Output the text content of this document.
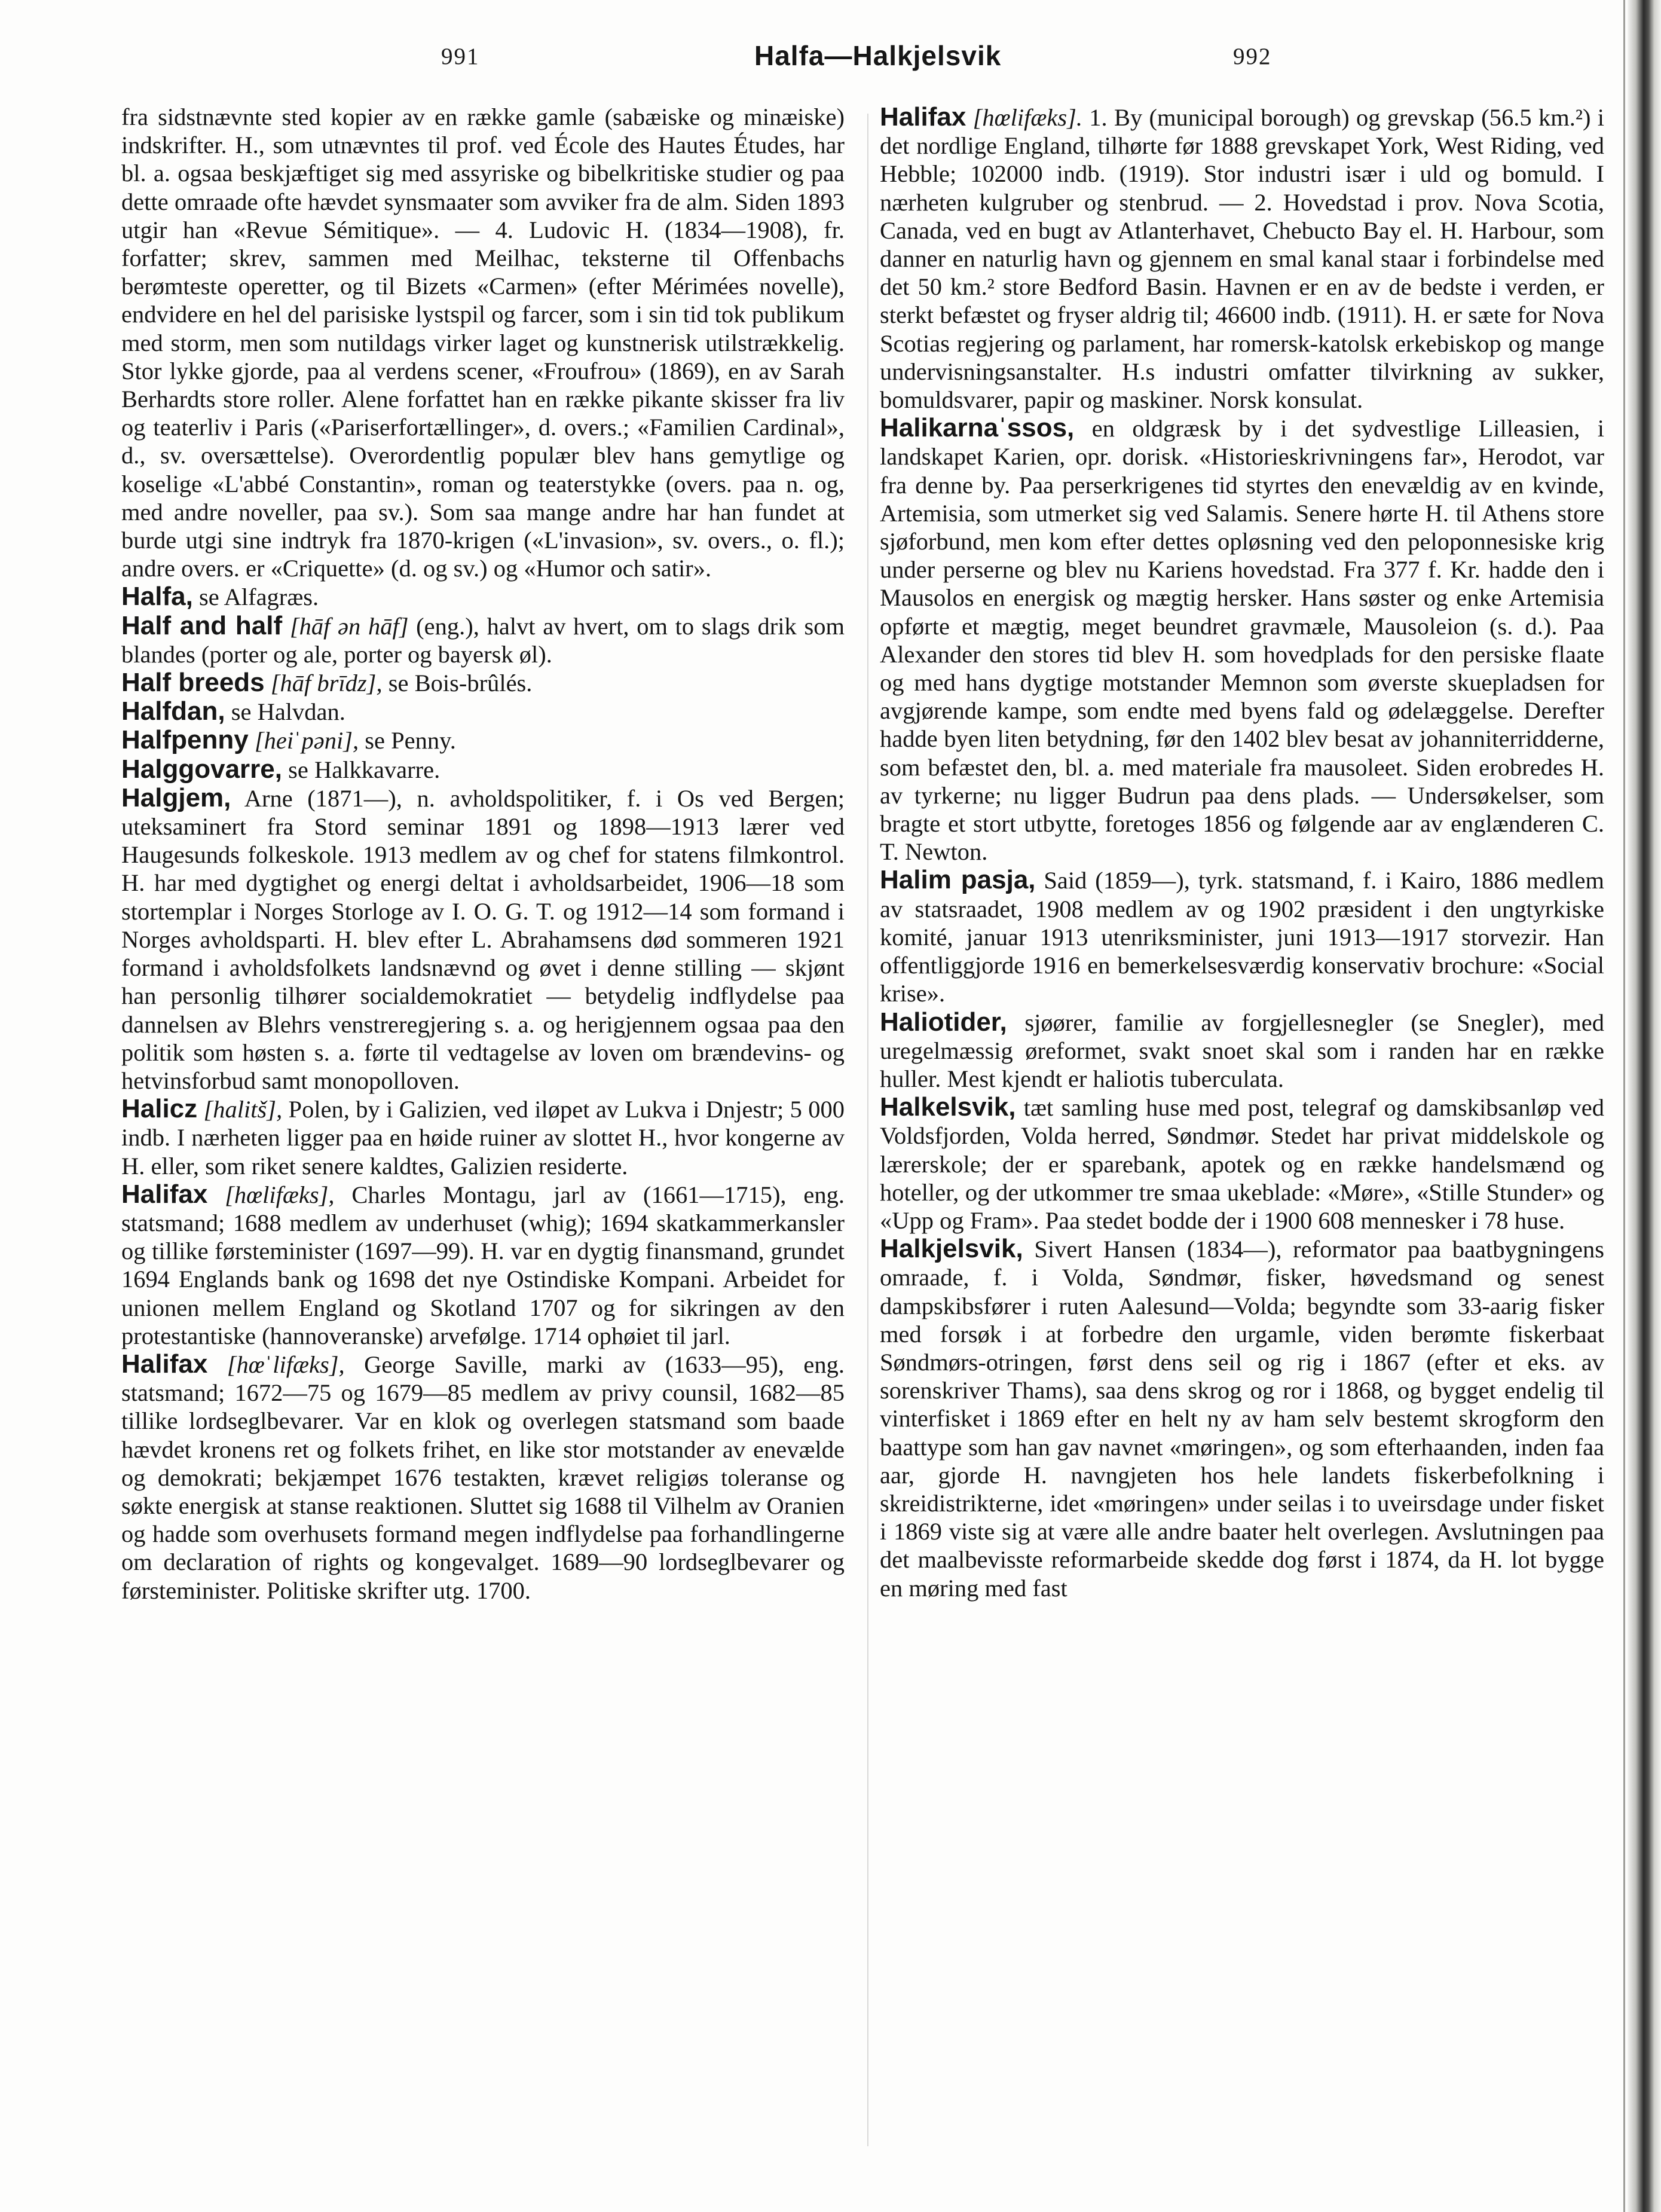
991	Halfa—Halkjelsvik	992

fra sidstnævnte sted kopier av en række gamle (sabæiske og minæiske) indskrifter. H., som utnævntes til prof. ved École des Hautes Études, har bl. a. ogsaa beskjæftiget sig med assyriske og bibelkritiske studier og paa dette omraade ofte hævdet synsmaater som avviker fra de alm. Siden 1893 utgir han «Revue Sémitique». — 4. Ludovic H. (1834—1908), fr. forfatter; skrev, sammen med Meilhac, teksterne til Offenbachs berømteste operetter, og til Bizets «Carmen» (efter Mérimées novelle), endvidere en hel del parisiske lystspil og farcer, som i sin tid tok publikum med storm, men som nutildags virker laget og kunstnerisk utilstrækkelig. Stor lykke gjorde, paa al verdens scener, «Froufrou» (1869), en av Sarah Berhardts store roller. Alene forfattet han en række pikante skisser fra liv og teaterliv i Paris («Pariserfortællinger», d. overs.; «Familien Cardinal», d., sv. oversættelse). Overordentlig populær blev hans gemytlige og koselige «L'abbé Constantin», roman og teaterstykke (overs. paa n. og, med andre noveller, paa sv.). Som saa mange andre har han fundet at burde utgi sine indtryk fra 1870-krigen («L'invasion», sv. overs., o. fl.); andre overs. er «Criquette» (d. og sv.) og «Humor och satir».

Halfa, se Alfagræs.

Half and half [hāf ən hāf] (eng.), halvt av hvert, om to slags drik som blandes (porter og ale, porter og bayersk øl).

Half breeds [hāf brīdz], se Bois-brûlés.

Halfdan, se Halvdan.

Halfpenny [heiˈpəni], se Penny.

Halggovarre, se Halkkavarre.

Halgjem, Arne (1871—), n. avholdspolitiker, f. i Os ved Bergen; uteksaminert fra Stord seminar 1891 og 1898—1913 lærer ved Haugesunds folkeskole. 1913 medlem av og chef for statens filmkontrol. H. har med dygtighet og energi deltat i avholdsarbeidet, 1906—18 som stortemplar i Norges Storloge av I. O. G. T. og 1912—14 som formand i Norges avholdsparti. H. blev efter L. Abrahamsens død sommeren 1921 formand i avholdsfolkets landsnævnd og øvet i denne stilling — skjønt han personlig tilhører socialdemokratiet — betydelig indflydelse paa dannelsen av Blehrs venstreregjering s. a. og herigjennem ogsaa paa den politik som høsten s. a. førte til vedtagelse av loven om brændevins- og hetvinsforbud samt monopolloven.

Halicz [halitš], Polen, by i Galizien, ved iløpet av Lukva i Dnjestr; 5 000 indb. I nærheten ligger paa en høide ruiner av slottet H., hvor kongerne av H. eller, som riket senere kaldtes, Galizien residerte.

Halifax [hœlifæks], Charles Montagu, jarl av (1661—1715), eng. statsmand; 1688 medlem av underhuset (whig); 1694 skatkammerkansler og tillike førsteminister (1697—99). H. var en dygtig finansmand, grundet 1694 Englands bank og 1698 det nye Ostindiske Kompani. Arbeidet for unionen mellem England og Skotland 1707 og for sikringen av den protestantiske (hannoveranske) arvefølge. 1714 ophøiet til jarl.

Halifax [hœˈlifæks], George Saville, marki av (1633—95), eng. statsmand; 1672—75 og 1679—85 medlem av privy counsil, 1682—85 tillike lordseglbevarer. Var en klok og overlegen statsmand som baade hævdet kronens ret og folkets frihet, en like stor motstander av enevælde og demokrati; bekjæmpet 1676 testakten, krævet religiøs toleranse og søkte energisk at stanse reaktionen. Sluttet sig 1688 til Vilhelm av Oranien og hadde som overhusets formand megen indflydelse paa forhandlingerne om declaration of rights og kongevalget. 1689—90 lordseglbevarer og førsteminister. Politiske skrifter utg. 1700.

Halifax [hœlifæks]. 1. By (municipal borough) og grevskap (56.5 km.²) i det nordlige England, tilhørte før 1888 grevskapet York, West Riding, ved Hebble; 102000 indb. (1919). Stor industri især i uld og bomuld. I nærheten kulgruber og stenbrud. — 2. Hovedstad i prov. Nova Scotia, Canada, ved en bugt av Atlanterhavet, Chebucto Bay el. H. Harbour, som danner en naturlig havn og gjennem en smal kanal staar i forbindelse med det 50 km.² store Bedford Basin. Havnen er en av de bedste i verden, er sterkt befæstet og fryser aldrig til; 46600 indb. (1911). H. er sæte for Nova Scotias regjering og parlament, har romersk-katolsk erkebiskop og mange undervisningsanstalter. H.s industri omfatter tilvirkning av sukker, bomuldsvarer, papir og maskiner. Norsk konsulat.

Halikarnaˈssos, en oldgræsk by i det sydvestlige Lilleasien, i landskapet Karien, opr. dorisk. «Historieskrivningens far», Herodot, var fra denne by. Paa perserkrigenes tid styrtes den enevældig av en kvinde, Artemisia, som utmerket sig ved Salamis. Senere hørte H. til Athens store sjøforbund, men kom efter dettes opløsning ved den peloponnesiske krig under perserne og blev nu Kariens hovedstad. Fra 377 f. Kr. hadde den i Mausolos en energisk og mægtig hersker. Hans søster og enke Artemisia opførte et mægtig, meget beundret gravmæle, Mausoleion (s. d.). Paa Alexander den stores tid blev H. som hovedplads for den persiske flaate og med hans dygtige motstander Memnon som øverste skuepladsen for avgjørende kampe, som endte med byens fald og ødelæggelse. Derefter hadde byen liten betydning, før den 1402 blev besat av johanniterridderne, som befæstet den, bl. a. med materiale fra mausoleet. Siden erobredes H. av tyrkerne; nu ligger Budrun paa dens plads. — Undersøkelser, som bragte et stort utbytte, foretoges 1856 og følgende aar av englænderen C. T. Newton.

Halim pasja, Said (1859—), tyrk. statsmand, f. i Kairo, 1886 medlem av statsraadet, 1908 medlem av og 1902 præsident i den ungtyrkiske komité, januar 1913 utenriksminister, juni 1913—1917 storvezir. Han offentliggjorde 1916 en bemerkelsesværdig konservativ brochure: «Social krise».

Haliotider, sjøører, familie av forgjellesnegler (se Snegler), med uregelmæssig øreformet, svakt snoet skal som i randen har en række huller. Mest kjendt er haliotis tuberculata.

Halkelsvik, tæt samling huse med post, telegraf og damskibsanløp ved Voldsfjorden, Volda herred, Søndmør. Stedet har privat middelskole og lærerskole; der er sparebank, apotek og en række handelsmænd og hoteller, og der utkommer tre smaa ukeblade: «Møre», «Stille Stunder» og «Upp og Fram». Paa stedet bodde der i 1900 608 mennesker i 78 huse.

Halkjelsvik, Sivert Hansen (1834—), reformator paa baatbygningens omraade, f. i Volda, Søndmør, fisker, høvedsmand og senest dampskibsfører i ruten Aalesund—Volda; begyndte som 33-aarig fisker med forsøk i at forbedre den urgamle, viden berømte fiskerbaat Søndmørs-otringen, først dens seil og rig i 1867 (efter et eks. av sorenskriver Thams), saa dens skrog og ror i 1868, og bygget endelig til vinterfisket i 1869 efter en helt ny av ham selv bestemt skrogform den baattype som han gav navnet «møringen», og som efterhaanden, inden faa aar, gjorde H. navngjeten hos hele landets fiskerbefolkning i skreidistrikterne, idet «møringen» under seilas i to uveirsdage under fisket i 1869 viste sig at være alle andre baater helt overlegen. Avslutningen paa det maalbevisste reformarbeide skedde dog først i 1874, da H. lot bygge en møring med fast
